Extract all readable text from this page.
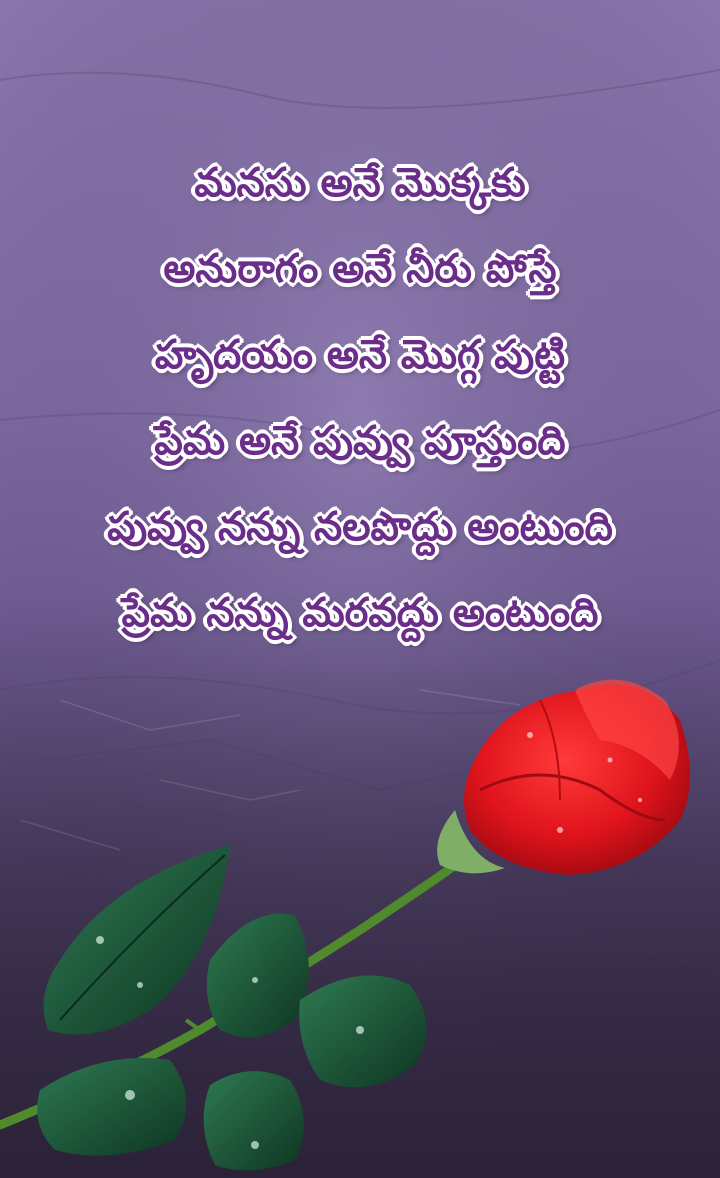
మనసు అనే మొక్కకు
అనురాగం అనే నీరు పోస్తే
హృదయం అనే మొగ్గ పుట్టి
ప్రేమ అనే పువ్వు పూస్తుంది
పువ్వు నన్ను నలపొద్దు అంటుంది
ప్రేమ నన్ను మరవద్దు అంటుంది
